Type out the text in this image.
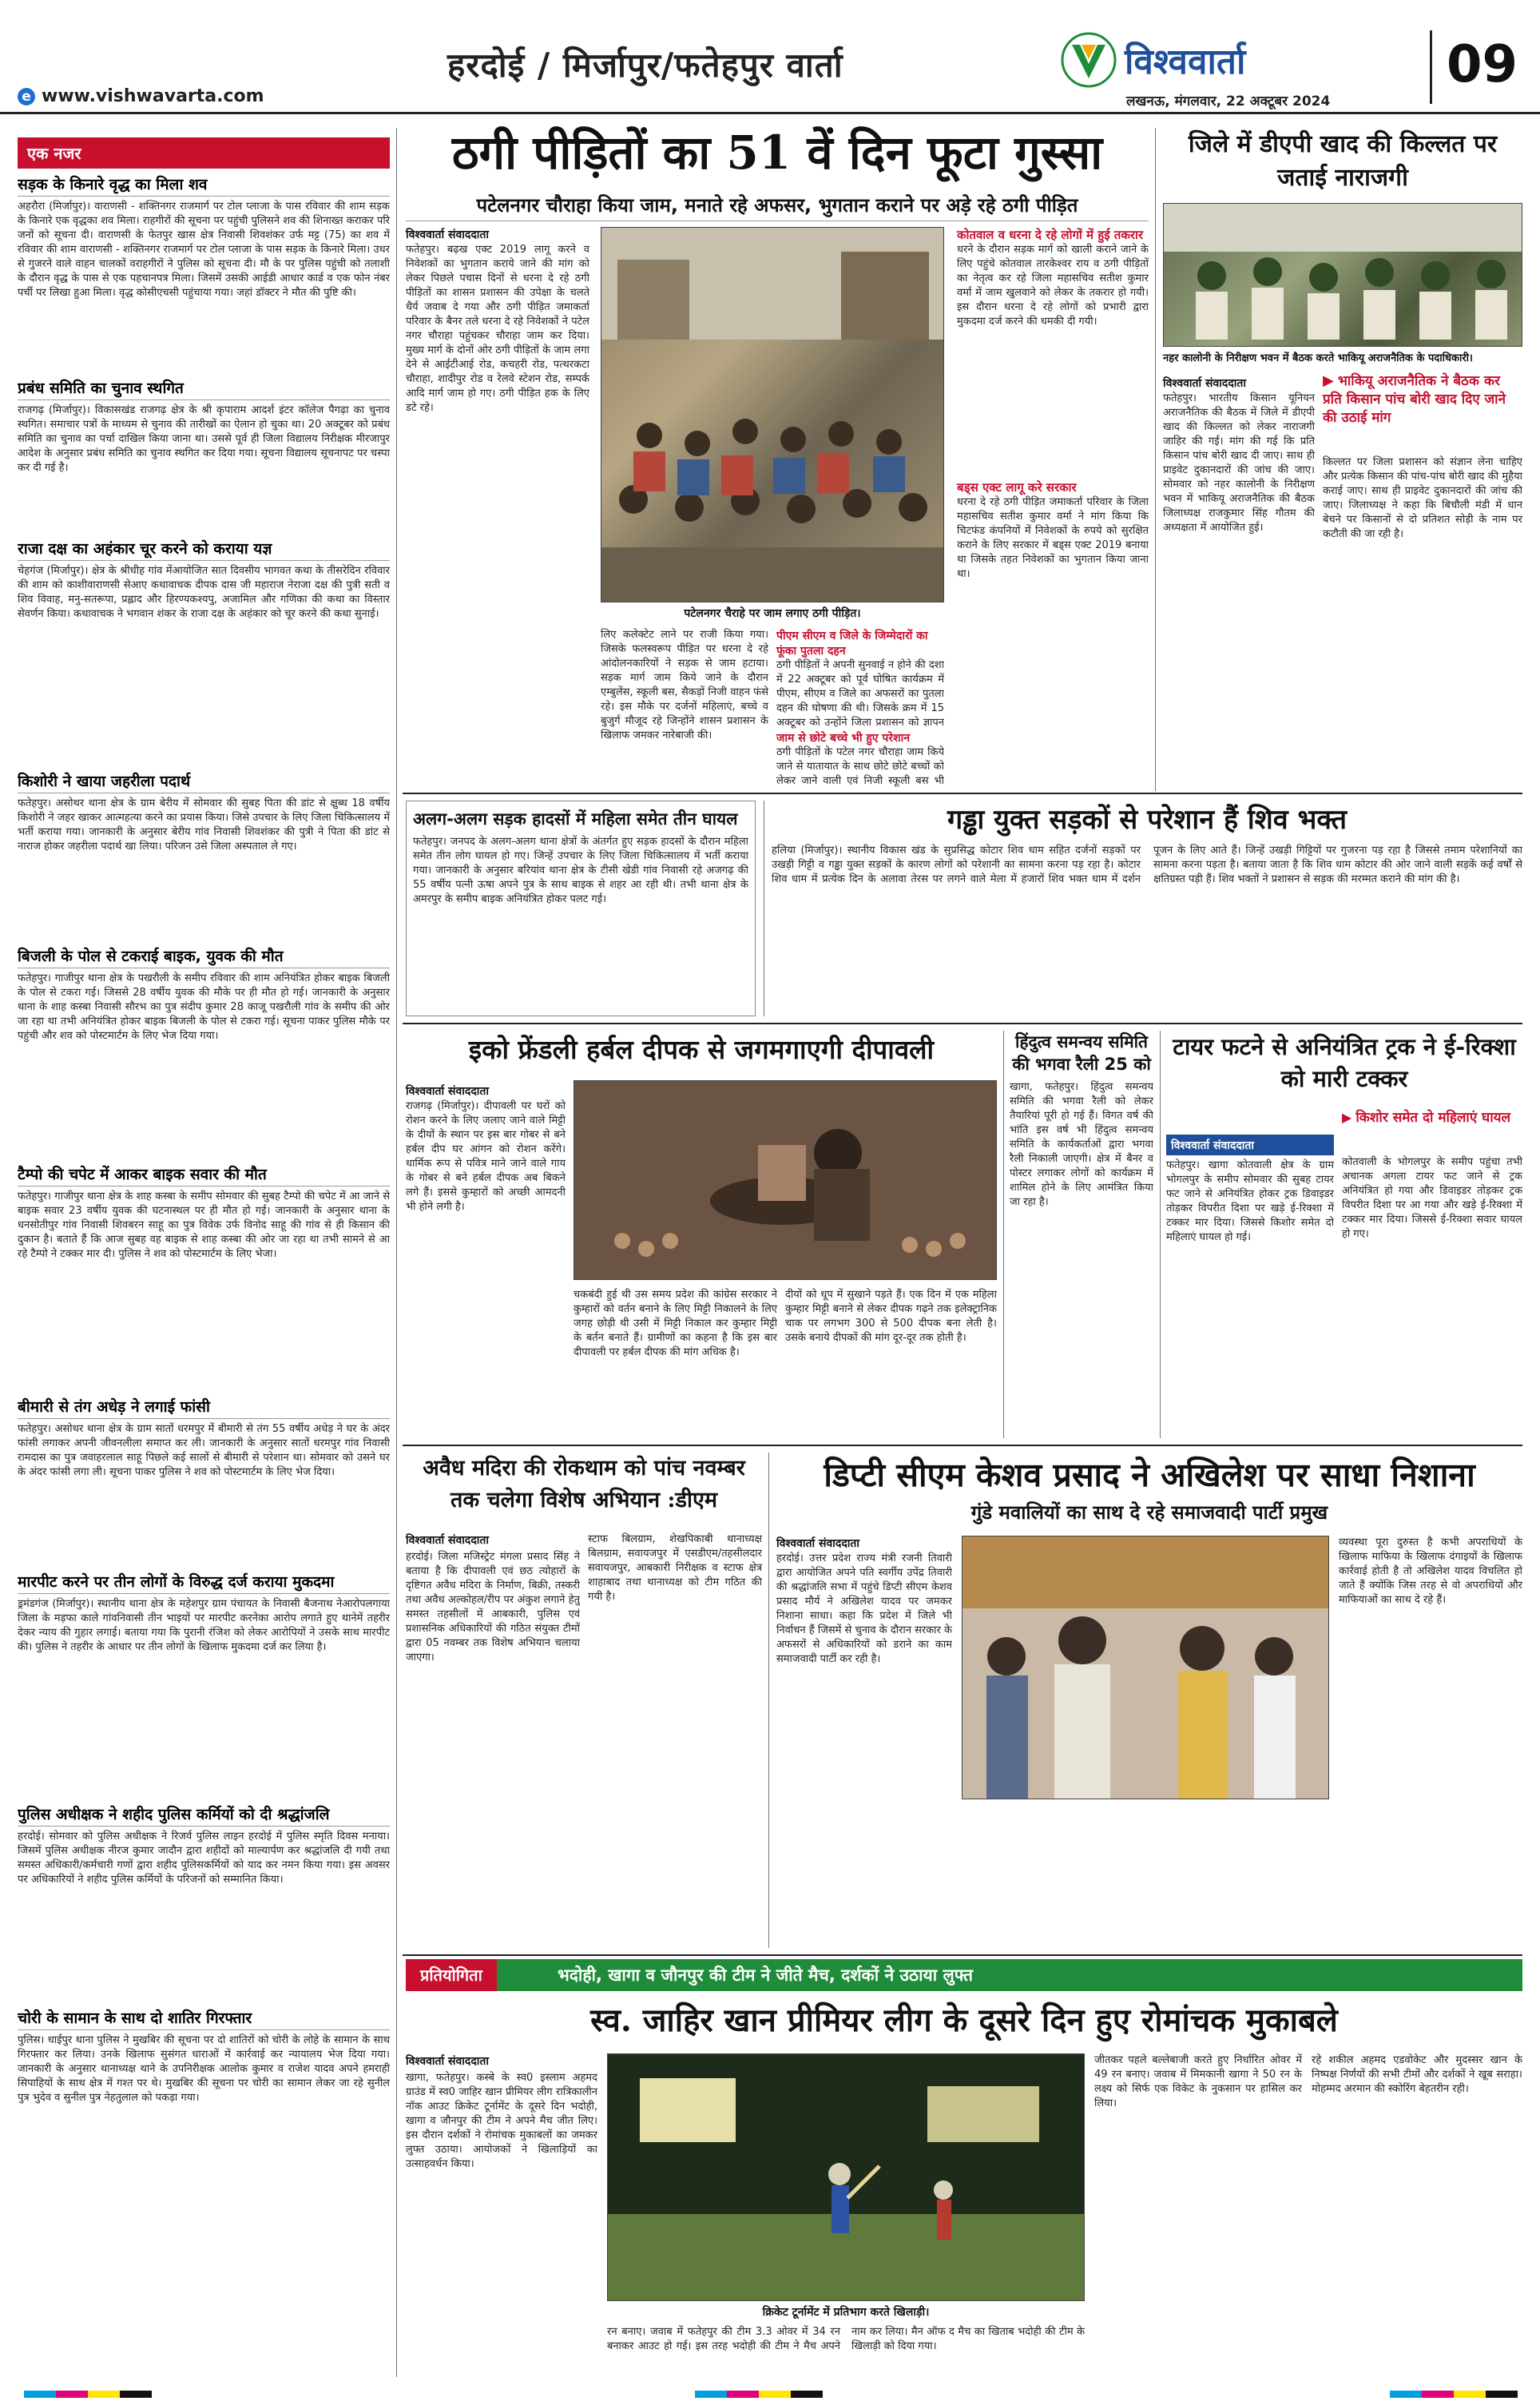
हरदोई / मिर्जापुर/फतेहपुर वार्ता
e www.vishwavarta.com
विश्ववार्ता
लखनऊ, मंगलवार, 22 अक्टूबर 2024
09
एक नजर
सड़क के किनारे वृद्ध का मिला शव
अहरौरा (मिर्जापुर)। वाराणसी - शक्तिनगर राजमार्ग पर टोल प्लाजा के पास रविवार की शाम सड़क के किनारे एक वृद्धका शव मिला। राहगीरों की सूचना पर पहुंची पुलिसने शव की शिनाख्त कराकर परि जनों को सूचना दी। वाराणसी के फेतपुर खास क्षेत्र निवासी शिवशंकर उर्फ मट्ट (75) का शव में रविवार की शाम वाराणसी - शक्तिनगर राजमार्ग पर टोल प्लाजा के पास सड़क के किनारे मिला। उधर से गुजरने वाले वाहन चालकों वराहगीरों ने पुलिस को सूचना दी। मौ के पर पुलिस पहुंची को तलाशी के दौरान वृद्ध के पास से एक पहचानपत्र मिला। जिसमें उसकी आईडी आधार कार्ड व एक फोन नंबर पर्ची पर लिखा हुआ मिला। वृद्ध कोसीएचसी पहुंचाया गया। जहां डॉक्टर ने मौत की पुष्टि की।
प्रबंध समिति का चुनाव स्थगित
राजगढ़ (मिर्जापुर)। विकासखंड राजगढ़ क्षेत्र के श्री कृपाराम आदर्श इंटर कॉलेज पैगढ़ा का चुनाव स्थगित। समाचार पत्रों के माध्यम से चुनाव की तारीखों का ऐलान हो चुका था। 20 अक्टूबर को प्रबंध समिति का चुनाव का पर्चा दाखिल किया जाना था। उससे पूर्व ही जिला विद्यालय निरीक्षक मीरजापुर आदेश के अनुसार प्रबंध समिति का चुनाव स्थगित कर दिया गया। सूचना विद्यालय सूचनापट पर चस्पा कर दी गई है।
राजा दक्ष का अहंकार चूर करने को कराया यज्ञ
चेहगंज (मिर्जापुर)। क्षेत्र के श्रीधीह गांव मेंआयोजित सात दिवसीय भागवत कथा के तीसरेदिन रविवार की शाम को काशीवाराणसी सेआए कथावाचक दीपक दास जी महाराज नेराजा दक्ष की पुत्री सती व शिव विवाह, मनु-सतरूपा, प्रह्लाद और हिरण्यकश्यपु, अजामिल और गणिका की कथा का विस्तार सेवर्णन किया। कथावाचक ने भगवान शंकर के राजा दक्ष के अहंकार को चूर करने की कथा सुनाई।
किशोरी ने खाया जहरीला पदार्थ
फतेहपुर। असोथर थाना क्षेत्र के ग्राम बेरीय में सोमवार की सुबह पिता की डांट से क्षुब्ध 18 वर्षीय किशोरी ने जहर खाकर आत्महत्या करने का प्रयास किया। जिसे उपचार के लिए जिला चिकित्सालय में भर्ती कराया गया। जानकारी के अनुसार बेरीय गांव निवासी शिवशंकर की पुत्री ने पिता की डांट से नाराज होकर जहरीला पदार्थ खा लिया। परिजन उसे जिला अस्पताल ले गए।
बिजली के पोल से टकराई बाइक, युवक की मौत
फतेहपुर। गाजीपुर थाना क्षेत्र के पखरौली के समीप रविवार की शाम अनियंत्रित होकर बाइक बिजली के पोल से टकरा गई। जिससे 28 वर्षीय युवक की मौके पर ही मौत हो गई। जानकारी के अनुसार थाना के शाह कस्बा निवासी सौरभ का पुत्र संदीप कुमार 28 काजू पखरौली गांव के समीप की ओर जा रहा था तभी अनियंत्रित होकर बाइक बिजली के पोल से टकरा गई। सूचना पाकर पुलिस मौके पर पहुंची और शव को पोस्टमार्टम के लिए भेज दिया गया।
टैम्पो की चपेट में आकर बाइक सवार की मौत
फतेहपुर। गाजीपुर थाना क्षेत्र के शाह कस्बा के समीप सोमवार की सुबह टैम्पो की चपेट में आ जाने से बाइक सवार 23 वर्षीय युवक की घटनास्थल पर ही मौत हो गई। जानकारी के अनुसार थाना के धनसोतीपुर गांव निवासी शिवबरन साहू का पुत्र विवेक उर्फ विनोद साहू की गांव से ही किसान की दुकान है। बताते हैं कि आज सुबह वह बाइक से शाह कस्बा की ओर जा रहा था तभी सामने से आ रहे टैम्पो ने टक्कर मार दी। पुलिस ने शव को पोस्टमार्टम के लिए भेजा।
बीमारी से तंग अधेड़ ने लगाई फांसी
फतेहपुर। असोथर थाना क्षेत्र के ग्राम सातों धरमपुर में बीमारी से तंग 55 वर्षीय अधेड़ ने घर के अंदर फांसी लगाकर अपनी जीवनलीला समाप्त कर ली। जानकारी के अनुसार सातों धरमपुर गांव निवासी रामदास का पुत्र जवाहरलाल साहू पिछले कई सालों से बीमारी से परेशान था। सोमवार को उसने घर के अंदर फांसी लगा ली। सूचना पाकर पुलिस ने शव को पोस्टमार्टम के लिए भेज दिया।
मारपीट करने पर तीन लोगों के विरुद्ध दर्ज कराया मुकदमा
ड्रमंडगंज (मिर्जापुर)। स्थानीय थाना क्षेत्र के महेशपुर ग्राम पंचायत के निवासी बैजनाथ नेआरोपलगाया जिला के मड़फा काले गांवनिवासी तीन भाइयों पर मारपीट करनेका आरोप लगाते हुए थानेमें तहरीर देकर न्याय की गुहार लगाई। बताया गया कि पुरानी रंजिश को लेकर आरोपियों ने उसके साथ मारपीट की। पुलिस ने तहरीर के आधार पर तीन लोगों के खिलाफ मुकदमा दर्ज कर लिया है।
पुलिस अधीक्षक ने शहीद पुलिस कर्मियों को दी श्रद्धांजलि
हरदोई। सोमवार को पुलिस अधीक्षक ने रिजर्व पुलिस लाइन हरदोई में पुलिस स्मृति दिवस मनाया। जिसमें पुलिस अधीक्षक नीरज कुमार जादौन द्वारा शहीदों को माल्यार्पण कर श्रद्धांजलि दी गयी तथा समस्त अधिकारी/कर्मचारी गणों द्वारा शहीद पुलिसकर्मियों को याद कर नमन किया गया। इस अवसर पर अधिकारियों ने शहीद पुलिस कर्मियों के परिजनों को सम्मानित किया।
चोरी के सामान के साथ दो शातिर गिरफ्तार
पुलिस। धाईपुर थाना पुलिस ने मुखबिर की सूचना पर दो शातिरों को चोरी के लोहे के सामान के साथ गिरफ्तार कर लिया। उनके खिलाफ सुसंगत धाराओं में कार्रवाई कर न्यायालय भेज दिया गया। जानकारी के अनुसार थानाध्यक्ष थाने के उपनिरीक्षक आलोक कुमार व राजेश यादव अपने हमराही सिपाहियों के साथ क्षेत्र में गश्त पर थे। मुखबिर की सूचना पर चोरी का सामान लेकर जा रहे सुनील पुत्र भुदेव व सुनील पुत्र नेहतुलाल को पकड़ा गया।
ठगी पीड़ितों का 51 वें दिन फूटा गुस्सा
पटेलनगर चौराहा किया जाम, मनाते रहे अफसर, भुगतान कराने पर अड़े रहे ठगी पीड़ित
विश्ववार्ता संवाददाता
फतेहपुर। बढ़ख एक्ट 2019 लागू करने व निवेशकों का भुगतान कराये जाने की मांग को लेकर पिछले पचास दिनों से धरना दे रहे ठगी पीड़ितों का शासन प्रशासन की उपेक्षा के चलते धैर्य जवाब दे गया और ठगी पीड़ित जमाकर्ता परिवार के बैनर तले धरना दे रहे निवेशकों ने पटेल नगर चौराहा पहुंचकर चौराहा जाम कर दिया। मुख्य मार्ग के दोनों ओर ठगी पीड़ितों के जाम लगा देने से आईटीआई रोड, कचहरी रोड, पत्थरकटा चौराहा, शादीपुर रोड व रेलवे स्टेशन रोड, सम्पर्क आदि मार्ग जाम हो गए। ठगी पीड़ित हक के लिए डटे रहे।
पटेलनगर चैराहे पर जाम लगाए ठगी पीड़ित।
लिए कलेक्टेट लाने पर राजी किया गया। जिसके फलस्वरूप पीड़ित पर धरना दे रहे आंदोलनकारियों ने सड़क से जाम हटाया। सड़क मार्ग जाम किये जाने के दौरान एम्बुलेंस, स्कूली बस, सैकड़ों निजी वाहन फंसे रहे। इस मौके पर दर्जनों महिलाएं, बच्चे व बुजुर्ग मौजूद रहे जिन्होंने शासन प्रशासन के खिलाफ जमकर नारेबाजी की।
पीएम सीएम व जिले के जिम्मेदारों का फूंका पुतला दहन
ठगी पीड़ितों ने अपनी सुनवाई न होने की दशा में 22 अक्टूबर को पूर्व घोषित कार्यक्रम में पीएम, सीएम व जिले का अफसरों का पुतला दहन की घोषणा की थी। जिसके क्रम में 15 अक्टूबर को उन्होंने जिला प्रशासन को ज्ञापन
जाम से छोटे बच्चे भी हुए परेशान
ठगी पीड़ितों के पटेल नगर चौराहा जाम किये जाने से यातायात के साथ छोटे छोटे बच्चों को लेकर जाने वाली एवं निजी स्कूली बस भी
कोतवाल व धरना दे रहे लोगों में हुई तकरार
धरने के दौरान सड़क मार्ग को खाली कराने जाने के लिए पहुंचे कोतवाल तारकेश्वर राय व ठगी पीड़ितों का नेतृत्व कर रहे जिला महासचिव सतीश कुमार वर्मा में जाम खुलवाने को लेकर के तकरार हो गयी। इस दौरान धरना दे रहे लोगों को प्रभारी द्वारा मुकदमा दर्ज करने की धमकी दी गयी।
बड्स एक्ट लागू करे सरकार
धरना दे रहे ठगी पीड़ित जमाकर्ता परिवार के जिला महासचिव सतीश कुमार वर्मा ने मांग किया कि चिटफंड कंपनियों में निवेशकों के रुपये को सुरक्षित कराने के लिए सरकार में बड्स एक्ट 2019 बनाया था जिसके तहत निवेशकों का भुगतान किया जाना था।
जिले में डीएपी खाद की किल्लत पर जताई नाराजगी
नहर कालोनी के निरीक्षण भवन में बैठक करते भाकियू अराजनैतिक के पदाधिकारी।
▶ भाकियू अराजनैतिक ने बैठक कर प्रति किसान पांच बोरी खाद दिए जाने की उठाई मांग
विश्ववार्ता संवाददाता
फतेहपुर। भारतीय किसान यूनियन अराजनैतिक की बैठक में जिले में डीएपी खाद की किल्लत को लेकर नाराजगी जाहिर की गई। मांग की गई कि प्रति किसान पांच बोरी खाद दी जाए। साथ ही प्राइवेट दुकानदारों की जांच की जाए। सोमवार को नहर कालोनी के निरीक्षण भवन में भाकियू अराजनैतिक की बैठक जिलाध्यक्ष राजकुमार सिंह गौतम की अध्यक्षता में आयोजित हुई।
किल्लत पर जिला प्रशासन को संज्ञान लेना चाहिए और प्रत्येक किसान की पांच-पांच बोरी खाद की मुहैया कराई जाए। साथ ही प्राइवेट दुकानदारों की जांच की जाए। जिलाध्यक्ष ने कहा कि बिचौली मंडी में धान बेचने पर किसानों से दो प्रतिशत सोड़ी के नाम पर कटौती की जा रही है।
अलग-अलग सड़क हादसों में महिला समेत तीन घायल
फतेहपुर। जनपद के अलग-अलग थाना क्षेत्रों के अंतर्गत हुए सड़क हादसों के दौरान महिला समेत तीन लोग घायल हो गए। जिन्हें उपचार के लिए जिला चिकित्सालय में भर्ती कराया गया। जानकारी के अनुसार बरियांव थाना क्षेत्र के टीसी खेडी गांव निवासी रहे अजगढ़ की 55 वर्षीय पत्नी ऊषा अपने पुत्र के साथ बाइक से शहर आ रही थी। तभी थाना क्षेत्र के अमरपुर के समीप बाइक अनियंत्रित होकर पलट गई।
गड्ढा युक्त सड़कों से परेशान हैं शिव भक्त
हलिया (मिर्जापुर)। स्थानीय विकास खंड के सुप्रसिद्ध कोटार शिव धाम सहित दर्जनों सड़कों पर उखड़ी गिट्टी व गड्ढा युक्त सड़कों के कारण लोगों को परेशानी का सामना करना पड़ रहा है। कोटार शिव धाम में प्रत्येक दिन के अलावा तेरस पर लगने वाले मेला में हजारों शिव भक्त धाम में दर्शन पूजन के लिए आते हैं। जिन्हें उखड़ी गिट्टियों पर गुजरना पड़ रहा है जिससे तमाम परेशानियों का सामना करना पड़ता है। बताया जाता है कि शिव धाम कोटार की ओर जाने वाली सड़कें कई वर्षों से क्षतिग्रस्त पड़ी हैं। शिव भक्तों ने प्रशासन से सड़क की मरम्मत कराने की मांग की है।
इको फ्रेंडली हर्बल दीपक से जगमगाएगी दीपावली
विश्ववार्ता संवाददाता
राजगढ़ (मिर्जापुर)। दीपावली पर घरों को रोशन करने के लिए जलाए जाने वाले मिट्टी के दीयों के स्थान पर इस बार गोबर से बने हर्बल दीप घर आंगन को रोशन करेंगे। धार्मिक रूप से पवित्र माने जाने वाले गाय के गोबर से बने हर्बल दीपक अब बिकने लगे हैं। इससे कुम्हारों को अच्छी आमदनी भी होने लगी है।
चकबंदी हुई थी उस समय प्रदेश की कांग्रेस सरकार ने कुम्हारों को वर्तन बनाने के लिए मिट्टी निकालने के लिए जगह छोड़ी थी उसी में मिट्टी निकाल कर कुम्हार मिट्टी के बर्तन बनाते हैं। ग्रामीणों का कहना है कि इस बार दीपावली पर हर्बल दीपक की मांग अधिक है।
दीयों को धूप में सुखाने पड़ते हैं। एक दिन में एक महिला कुम्हार मिट्टी बनाने से लेकर दीपक गढ़ने तक इलेक्ट्रानिक चाक पर लगभग 300 से 500 दीपक बना लेती है। उसके बनाये दीपकों की मांग दूर-दूर तक होती है।
हिंदुत्व समन्वय समिति की भगवा रैली 25 को
खागा, फतेहपुर। हिंदुत्व समन्वय समिति की भगवा रैली को लेकर तैयारियां पूरी हो गई हैं। विगत वर्ष की भांति इस वर्ष भी हिंदुत्व समन्वय समिति के कार्यकर्ताओं द्वारा भगवा रैली निकाली जाएगी। क्षेत्र में बैनर व पोस्टर लगाकर लोगों को कार्यक्रम में शामिल होने के लिए आमंत्रित किया जा रहा है।
टायर फटने से अनियंत्रित ट्रक ने ई-रिक्शा को मारी टक्कर
▶ किशोर समेत दो महिलाएं घायल
विश्ववार्ता संवाददाता
फतेहपुर। खागा कोतवाली क्षेत्र के ग्राम भोगलपुर के समीप सोमवार की सुबह टायर फट जाने से अनियंत्रित होकर ट्रक डिवाइडर तोड़कर विपरीत दिशा पर खड़े ई-रिक्शा में टक्कर मार दिया। जिससे किशोर समेत दो महिलाएं घायल हो गई।
कोतवाली के भोगलपुर के समीप पहुंचा तभी अचानक अगला टायर फट जाने से ट्रक अनियंत्रित हो गया और डिवाइडर तोड़कर ट्रक विपरीत दिशा पर आ गया और खड़े ई-रिक्शा में टक्कर मार दिया। जिससे ई-रिक्शा सवार घायल हो गए।
अवैध मदिरा की रोकथाम को पांच नवम्बर तक चलेगा विशेष अभियान :डीएम
विश्ववार्ता संवाददाता
हरदोई। जिला मजिस्ट्रेट मंगला प्रसाद सिंह ने बताया है कि दीपावली एवं छठ त्योहारों के दृष्टिगत अवैध मदिरा के निर्माण, बिक्री, तस्करी तथा अवैध अल्कोहल/रीप पर अंकुश लगाने हेतु समस्त तहसीलों में आबकारी, पुलिस एवं प्रशासनिक अधिकारियों की गठित संयुक्त टीमों द्वारा 05 नवम्बर तक विशेष अभियान चलाया जाएगा।
स्टाफ बिलग्राम, शेखपिकाबी थानाध्यक्ष बिलग्राम, सवायजपुर में एसडीएम/तहसीलदार सवायजपुर, आबकारी निरीक्षक व स्टाफ क्षेत्र शाहाबाद तथा थानाध्यक्ष को टीम गठित की गयी है।
डिप्टी सीएम केशव प्रसाद ने अखिलेश पर साधा निशाना
गुंडे मवालियों का साथ दे रहे समाजवादी पार्टी प्रमुख
विश्ववार्ता संवाददाता
हरदोई। उत्तर प्रदेश राज्य मंत्री रजनी तिवारी द्वारा आयोजित अपने पति स्वर्गीय उपेंद्र तिवारी की श्रद्धांजलि सभा में पहुंचे डिप्टी सीएम केशव प्रसाद मौर्य ने अखिलेश यादव पर जमकर निशाना साधा। कहा कि प्रदेश में जिले भी निर्वाचन हैं जिसमें से चुनाव के दौरान सरकार के अफसरों से अधिकारियों को डराने का काम समाजवादी पार्टी कर रही है।
व्यवस्था पूरा दुरुस्त है कभी अपराधियों के खिलाफ माफिया के खिलाफ दंगाइयों के खिलाफ कार्रवाई होती है तो अखिलेश यादव विचलित हो जाते हैं क्योंकि जिस तरह से वो अपराधियों और माफियाओं का साथ दे रहे हैं।
प्रतियोगिता	भदोही, खागा व जौनपुर की टीम ने जीते मैच, दर्शकों ने उठाया लुफ्त
स्व. जाहिर खान प्रीमियर लीग के दूसरे दिन हुए रोमांचक मुकाबले
विश्ववार्ता संवाददाता
खागा, फतेहपुर। कस्बे के स्व0 इस्लाम अहमद ग्राउंड में स्व0 जाहिर खान प्रीमियर लीग रात्रिकालीन नॉक आउट क्रिकेट टूर्नामेंट के दूसरे दिन भदोही, खागा व जौनपुर की टीम ने अपने मैच जीत लिए। इस दौरान दर्शकों ने रोमांचक मुकाबलों का जमकर लुफ्त उठाया। आयोजकों ने खिलाड़ियों का उत्साहवर्धन किया।
क्रिकेट टूर्नामेंट में प्रतिभाग करते खिलाड़ी।
रन बनाए। जवाब में फतेहपुर की टीम 3.3 ओवर में 34 रन बनाकर आउट हो गई। इस तरह भदोही की टीम ने मैच अपने नाम कर लिया। मैन ऑफ द मैच का खिताब भदोही की टीम के खिलाड़ी को दिया गया।
जीतकर पहले बल्लेबाजी करते हुए निर्धारित ओवर में 49 रन बनाए। जवाब में मिमकानी खागा ने 50 रन के लक्ष्य को सिर्फ एक विकेट के नुकसान पर हासिल कर लिया।
रहे शकील अहमद एडवोकेट और मुदस्सर खान के निष्पक्ष निर्णयों की सभी टीमों और दर्शकों ने खूब सराहा। मोहम्मद अरमान की स्कोरिंग बेहतरीन रही।
